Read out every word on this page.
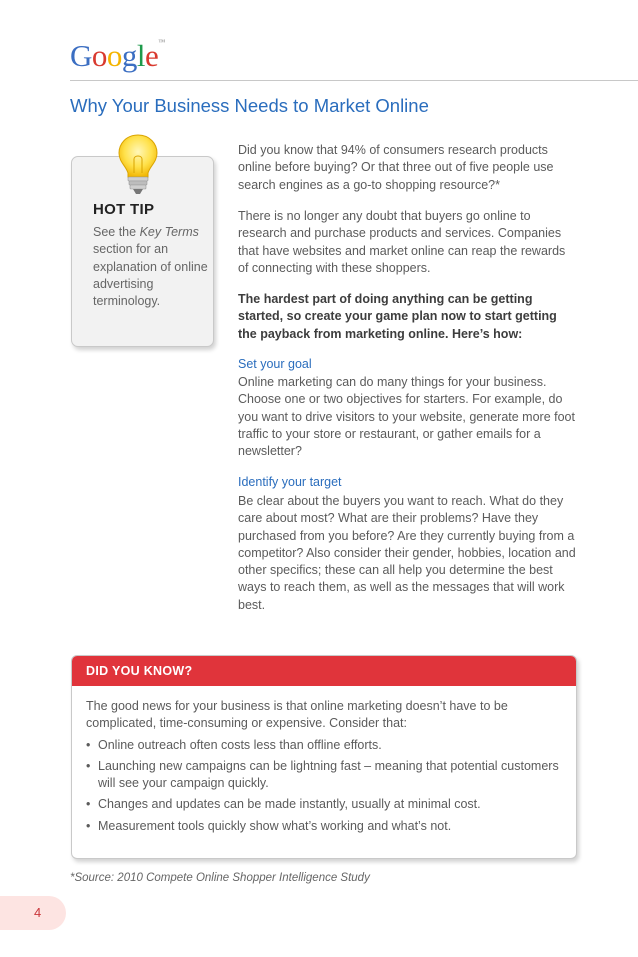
Google™
Why Your Business Needs to Market Online
HOT TIP
See the Key Terms section for an explanation of online advertising terminology.
Did you know that 94% of consumers research products online before buying? Or that three out of five people use search engines as a go-to shopping resource?*
There is no longer any doubt that buyers go online to research and purchase products and services. Companies that have websites and market online can reap the rewards of connecting with these shoppers.
The hardest part of doing anything can be getting started, so create your game plan now to start getting the payback from marketing online. Here’s how:
Set your goal
Online marketing can do many things for your business. Choose one or two objectives for starters. For example, do you want to drive visitors to your website, generate more foot traffic to your store or restaurant, or gather emails for a newsletter?
Identify your target
Be clear about the buyers you want to reach. What do they care about most? What are their problems? Have they purchased from you before? Are they currently buying from a competitor? Also consider their gender, hobbies, location and other specifics; these can all help you determine the best ways to reach them, as well as the messages that will work best.
DID YOU KNOW?
The good news for your business is that online marketing doesn’t have to be complicated, time-consuming or expensive. Consider that:
• Online outreach often costs less than offline efforts.
• Launching new campaigns can be lightning fast – meaning that potential customers will see your campaign quickly.
• Changes and updates can be made instantly, usually at minimal cost.
• Measurement tools quickly show what’s working and what’s not.
*Source: 2010 Compete Online Shopper Intelligence Study
4
